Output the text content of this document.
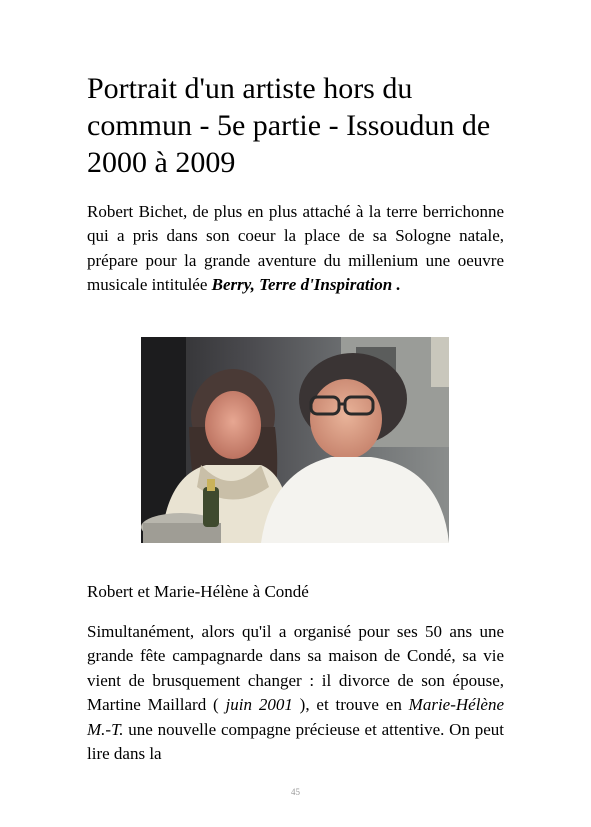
Portrait d'un artiste hors du commun - 5e partie - Issoudun de 2000 à 2009

Robert Bichet, de plus en plus attaché à la terre berrichonne qui a pris dans son coeur la place de sa Sologne natale, prépare pour la grande aventure du millenium une oeuvre musicale intitulée Berry, Terre d'Inspiration .

Robert et Marie-Hélène à Condé

Simultanément, alors qu'il a organisé pour ses 50 ans une grande fête campagnarde dans sa maison de Condé, sa vie vient de brusquement changer : il divorce de son épouse, Martine Maillard ( juin 2001 ), et trouve en Marie-Hélène M.-T. une nouvelle compagne précieuse et attentive. On peut lire dans la

45
